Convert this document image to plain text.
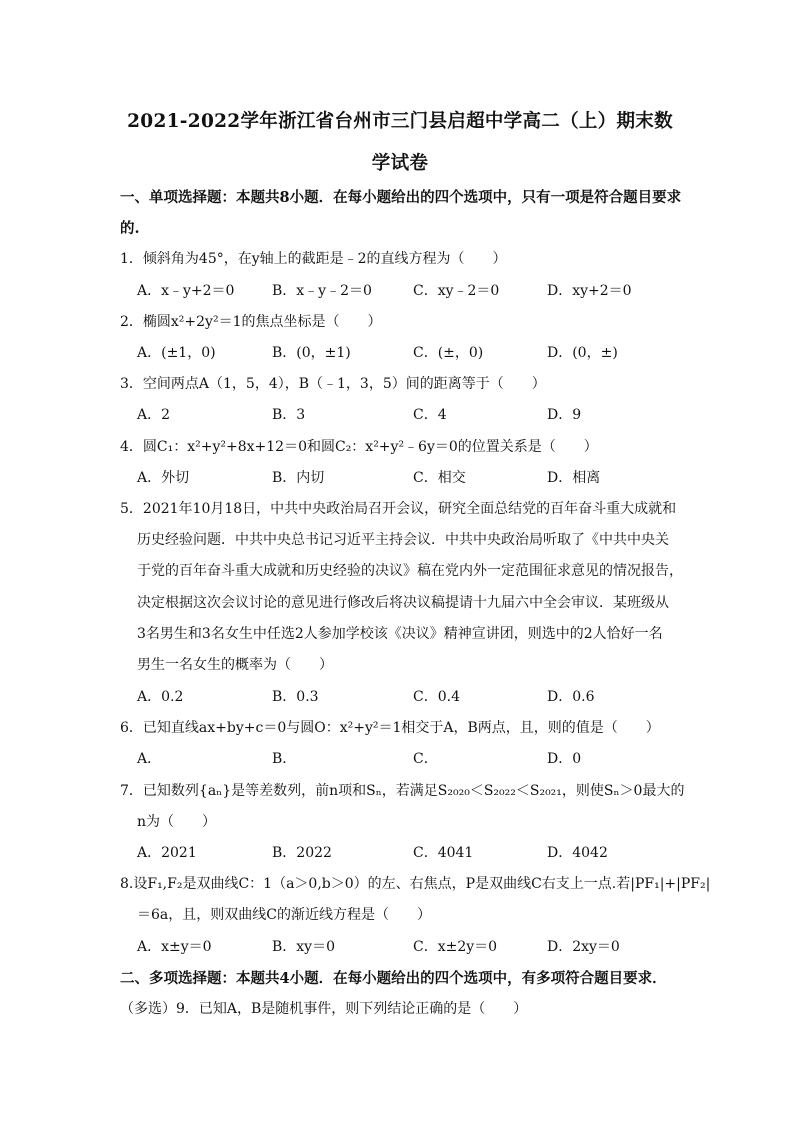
2021-2022学年浙江省台州市三门县启超中学高二（上）期末数
学试卷
一、单项选择题：本题共8小题．在每小题给出的四个选项中，只有一项是符合题目要求
的.
1．倾斜角为45°，在y轴上的截距是﹣2的直线方程为（　　）
A．x﹣y+2＝0	B．x﹣y﹣2＝0	C．xy﹣2＝0	D．xy+2＝0
2．椭圆x²+2y²＝1的焦点坐标是（　　）
A．(±1，0)	B．(0，±1)	C．(±，0)	D．(0，±)
3．空间两点A（1，5，4），B（﹣1，3，5）间的距离等于（　　）
A．2	B．3	C．4	D．9
4．圆C₁：x²+y²+8x+12＝0和圆C₂：x²+y²﹣6y＝0的位置关系是（　　）
A．外切	B．内切	C．相交	D．相离
5．2021年10月18日，中共中央政治局召开会议，研究全面总结党的百年奋斗重大成就和
历史经验问题．中共中央总书记习近平主持会议．中共中央政治局听取了《中共中央关
于党的百年奋斗重大成就和历史经验的决议》稿在党内外一定范围征求意见的情况报告，
决定根据这次会议讨论的意见进行修改后将决议稿提请十九届六中全会审议．某班级从
3名男生和3名女生中任选2人参加学校该《决议》精神宣讲团，则选中的2人恰好一名
男生一名女生的概率为（　　）
A．0.2	B．0.3	C．0.4	D．0.6
6．已知直线ax+by+c＝0与圆O：x²+y²＝1相交于A，B两点，且，则的值是（　　）
A．	B．	C．	D．0
7．已知数列{aₙ}是等差数列，前n项和Sₙ，若满足S₂₀₂₀＜S₂₀₂₂＜S₂₀₂₁，则使Sₙ＞0最大的
n为（　　）
A．2021	B．2022	C．4041	D．4042
8.设F₁,F₂是双曲线C：1（a＞0,b＞0）的左、右焦点，P是双曲线C右支上一点.若|PF₁|+|PF₂|
＝6a，且，则双曲线C的渐近线方程是（　　）
A．x±y＝0	B．xy＝0	C．x±2y＝0	D．2xy＝0
二、多项选择题：本题共4小题．在每小题给出的四个选项中，有多项符合题目要求．
（多选）9．已知A，B是随机事件，则下列结论正确的是（　　）
